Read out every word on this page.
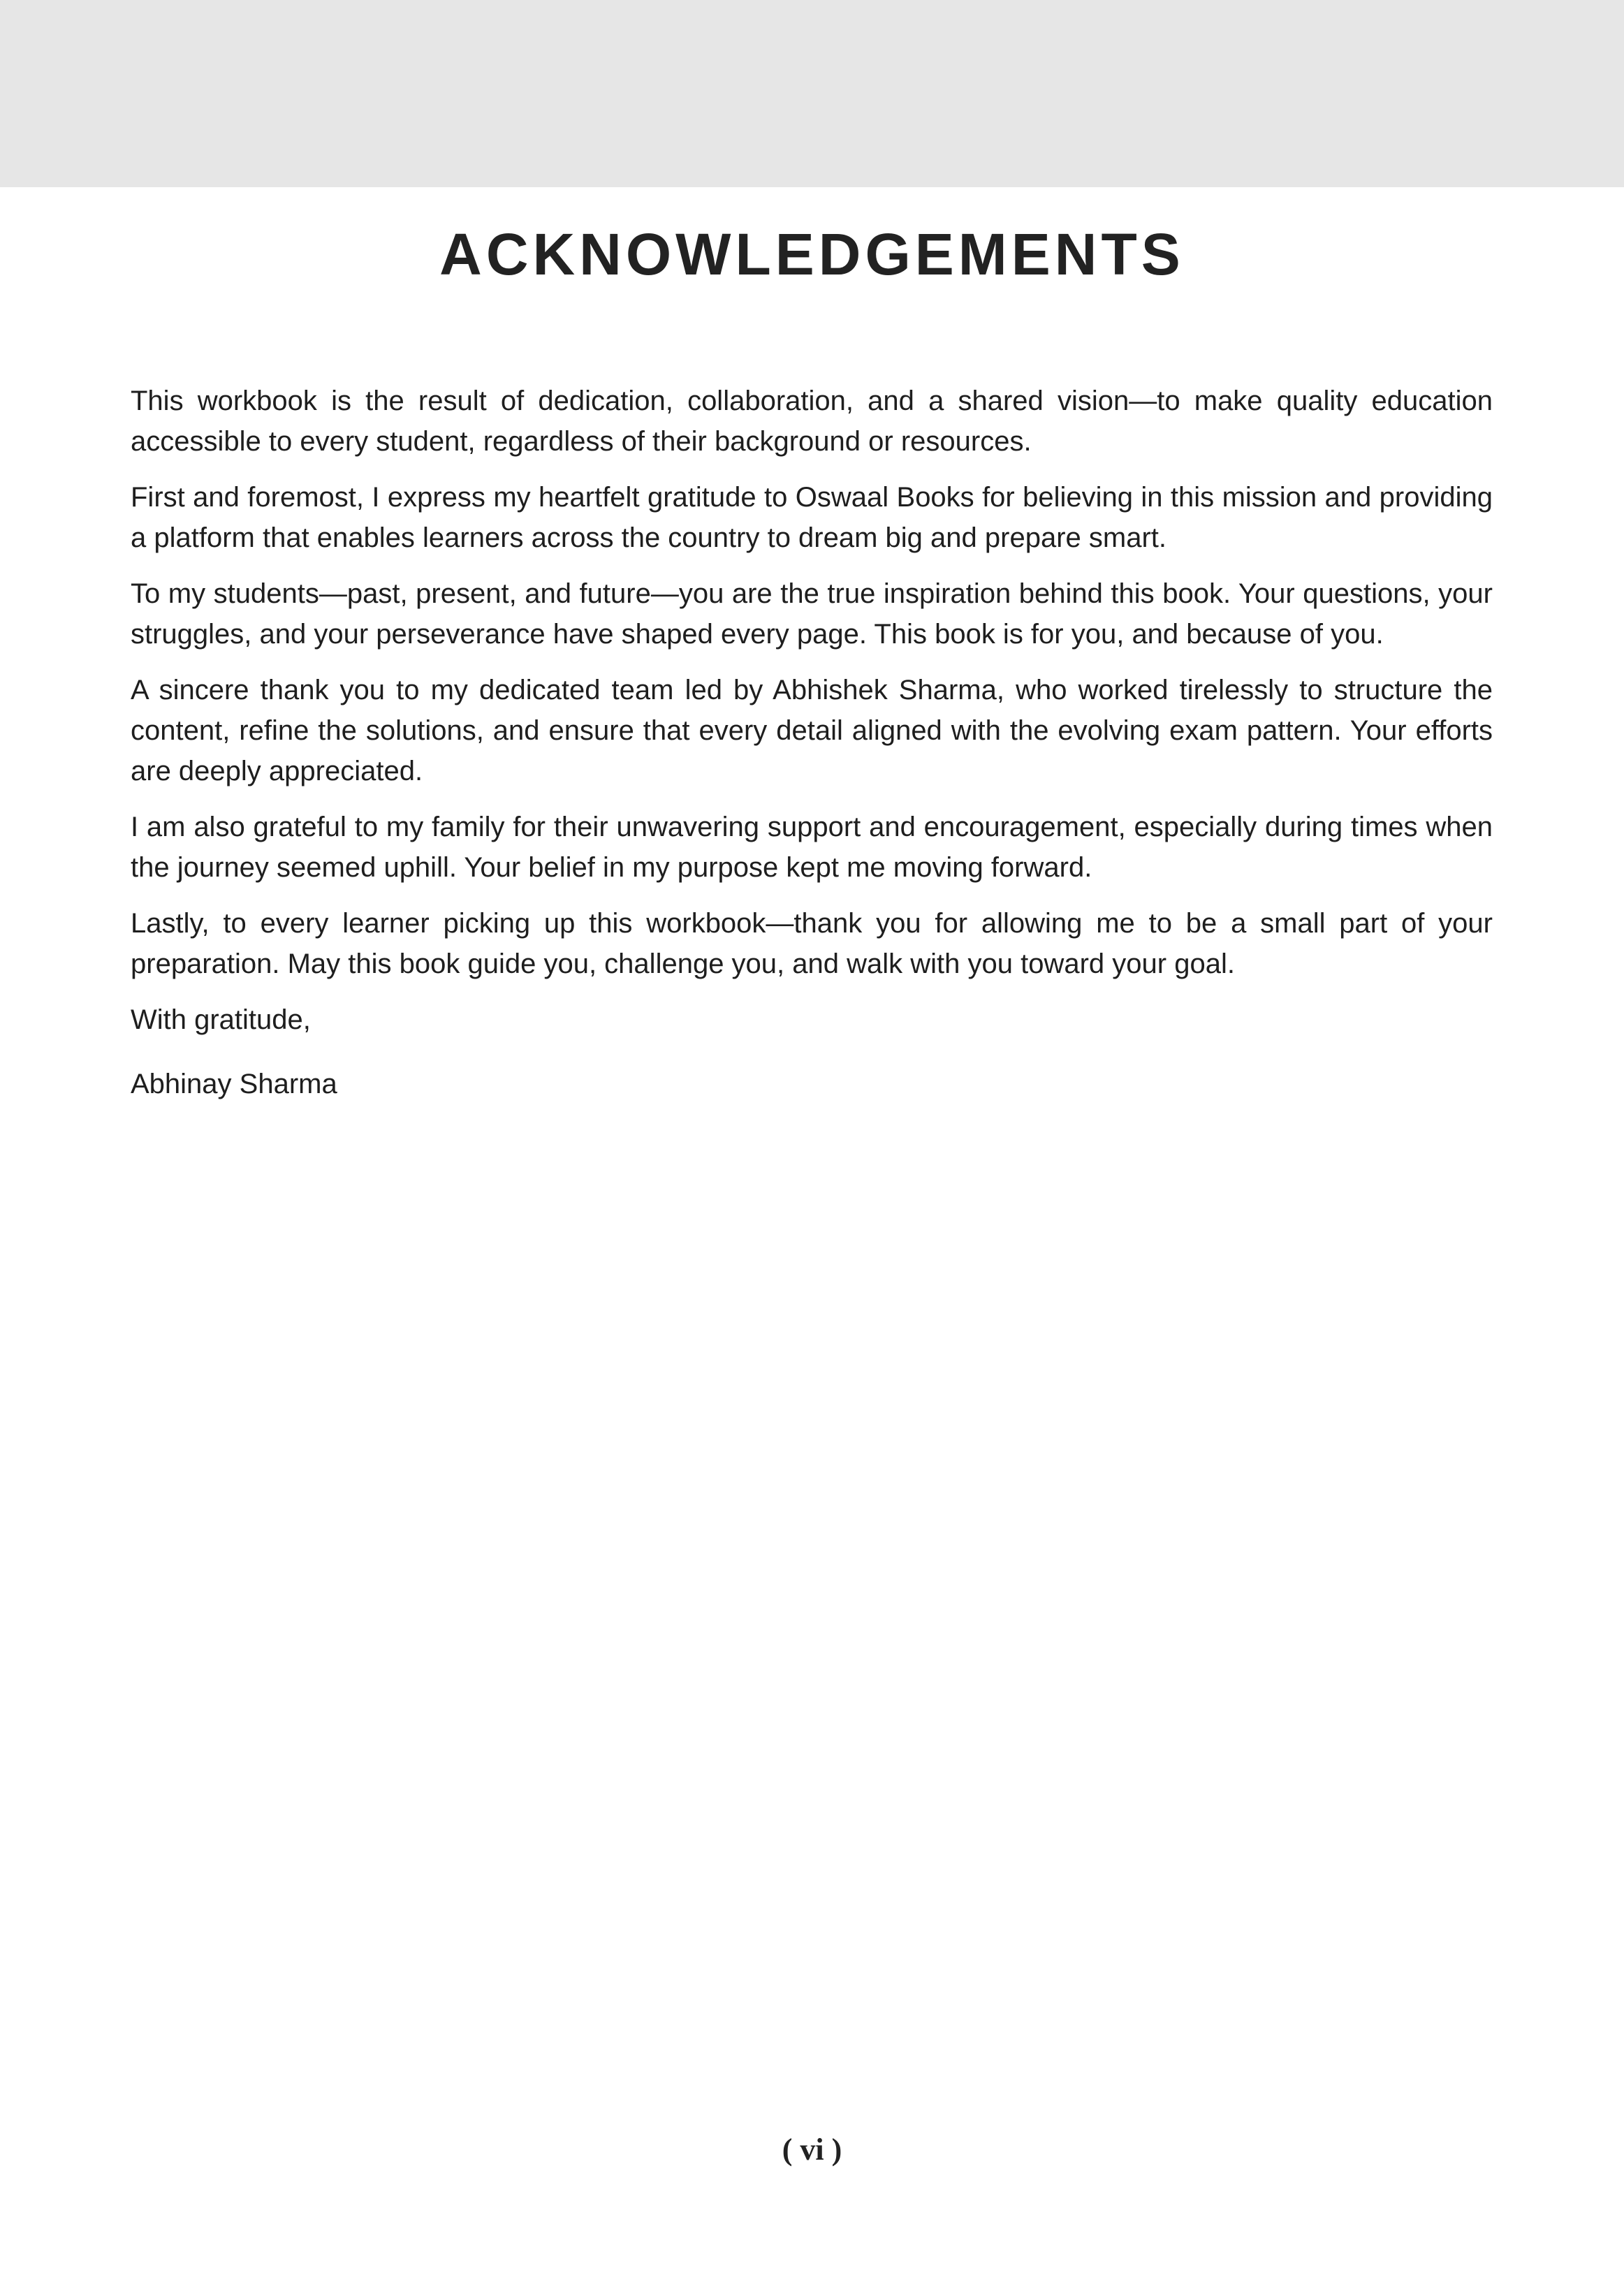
ACKNOWLEDGEMENTS

This workbook is the result of dedication, collaboration, and a shared vision—to make quality education accessible to every student, regardless of their background or resources.

First and foremost, I express my heartfelt gratitude to Oswaal Books for believing in this mission and providing a platform that enables learners across the country to dream big and prepare smart.

To my students—past, present, and future—you are the true inspiration behind this book. Your questions, your struggles, and your perseverance have shaped every page. This book is for you, and because of you.

A sincere thank you to my dedicated team led by Abhishek Sharma, who worked tirelessly to structure the content, refine the solutions, and ensure that every detail aligned with the evolving exam pattern. Your efforts are deeply appreciated.

I am also grateful to my family for their unwavering support and encouragement, especially during times when the journey seemed uphill. Your belief in my purpose kept me moving forward.

Lastly, to every learner picking up this workbook—thank you for allowing me to be a small part of your preparation. May this book guide you, challenge you, and walk with you toward your goal.

With gratitude,

Abhinay Sharma

( vi )
